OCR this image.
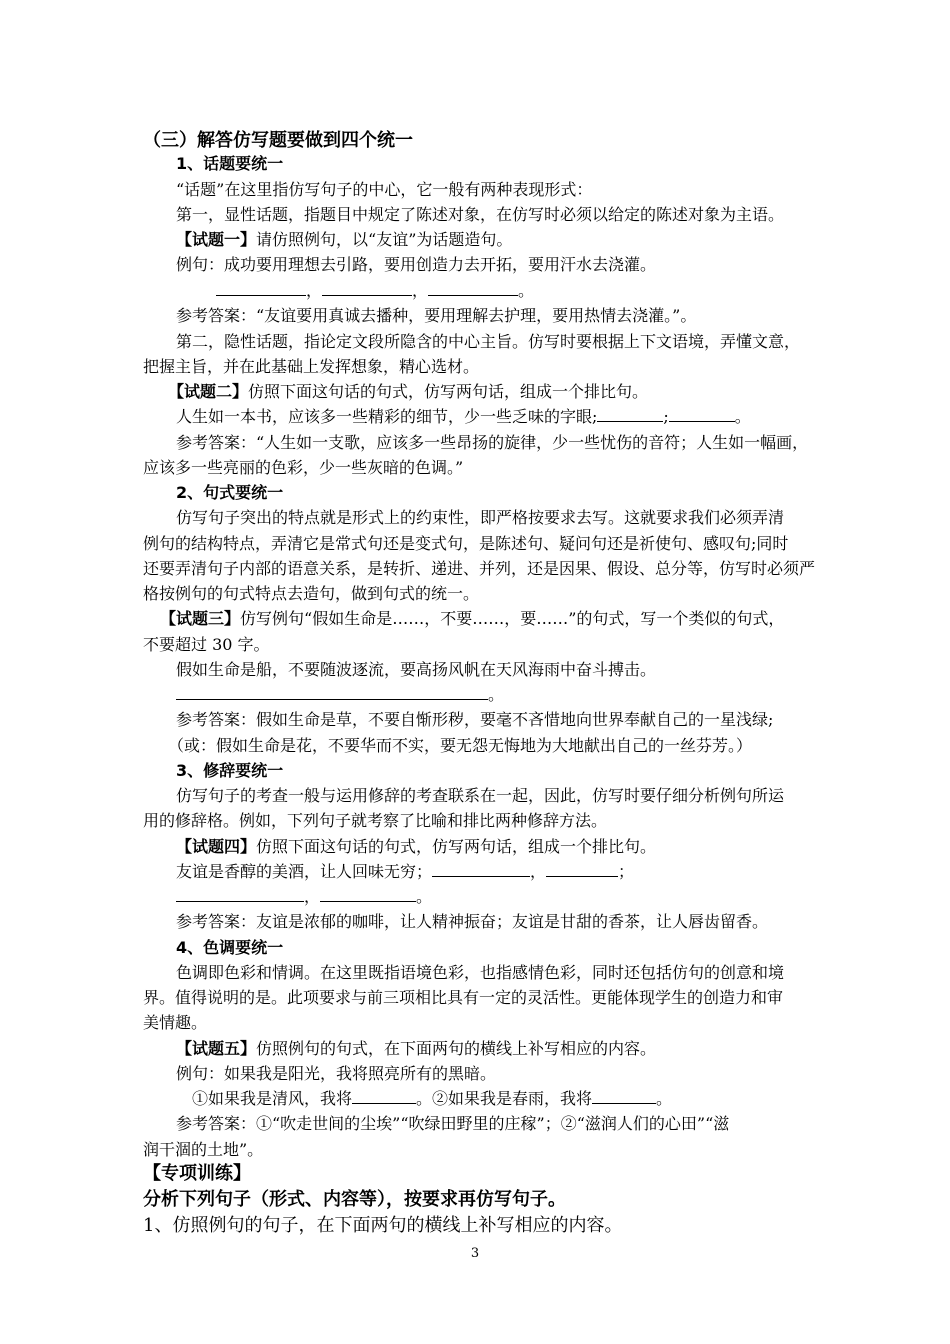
（三）解答仿写题要做到四个统一
1、话题要统一
“话题”在这里指仿写句子的中心，它一般有两种表现形式：
第一，显性话题，指题目中规定了陈述对象，在仿写时必须以给定的陈述对象为主语。
【试题一】请仿照例句，以“友谊”为话题造句。
例句：成功要用理想去引路，要用创造力去开拓，要用汗水去浇灌。
，	，	。
参考答案：“友谊要用真诚去播种，要用理解去护理，要用热情去浇灌。”。
第二，隐性话题，指论定文段所隐含的中心主旨。仿写时要根据上下文语境，弄懂文意，
把握主旨，并在此基础上发挥想象，精心选材。
【试题二】仿照下面这句话的句式，仿写两句话，组成一个排比句。
人生如一本书，应该多一些精彩的细节，少一些乏味的字眼;	;	。
参考答案：“人生如一支歌，应该多一些昂扬的旋律，少一些忧伤的音符；人生如一幅画，
应该多一些亮丽的色彩，少一些灰暗的色调。”
2、句式要统一
仿写句子突出的特点就是形式上的约束性，即严格按要求去写。这就要求我们必须弄清
例句的结构特点，弄清它是常式句还是变式句，是陈述句、疑问句还是祈使句、感叹句;同时
还要弄清句子内部的语意关系，是转折、递进、并列，还是因果、假设、总分等，仿写时必须严
格按例句的句式特点去造句，做到句式的统一。
【试题三】仿写例句“假如生命是……，不要……，要……”的句式，写一个类似的句式，
不要超过 30 字。
假如生命是船，不要随波逐流，要高扬风帆在天风海雨中奋斗搏击。
。
参考答案：假如生命是草，不要自惭形秽，要毫不吝惜地向世界奉献自己的一星浅绿;
（或：假如生命是花，不要华而不实，要无怨无悔地为大地献出自己的一丝芬芳。）
3、修辞要统一
仿写句子的考查一般与运用修辞的考查联系在一起，因此，仿写时要仔细分析例句所运
用的修辞格。例如，下列句子就考察了比喻和排比两种修辞方法。
【试题四】仿照下面这句话的句式，仿写两句话，组成一个排比句。
友谊是香醇的美酒，让人回味无穷；	，	；
，	。
参考答案：友谊是浓郁的咖啡，让人精神振奋；友谊是甘甜的香茶，让人唇齿留香。
4、色调要统一
色调即色彩和情调。在这里既指语境色彩，也指感情色彩，同时还包括仿句的创意和境
界。值得说明的是。此项要求与前三项相比具有一定的灵活性。更能体现学生的创造力和审
美情趣。
【试题五】仿照例句的句式，在下面两句的横线上补写相应的内容。
例句：如果我是阳光，我将照亮所有的黑暗。
①如果我是清风，我将	。②如果我是春雨，我将	。
参考答案：①“吹走世间的尘埃”“吹绿田野里的庄稼”；②“滋润人们的心田”“滋
润干涸的土地”。
【专项训练】
分析下列句子（形式、内容等），按要求再仿写句子。
1、仿照例句的句子，在下面两句的横线上补写相应的内容。
3
